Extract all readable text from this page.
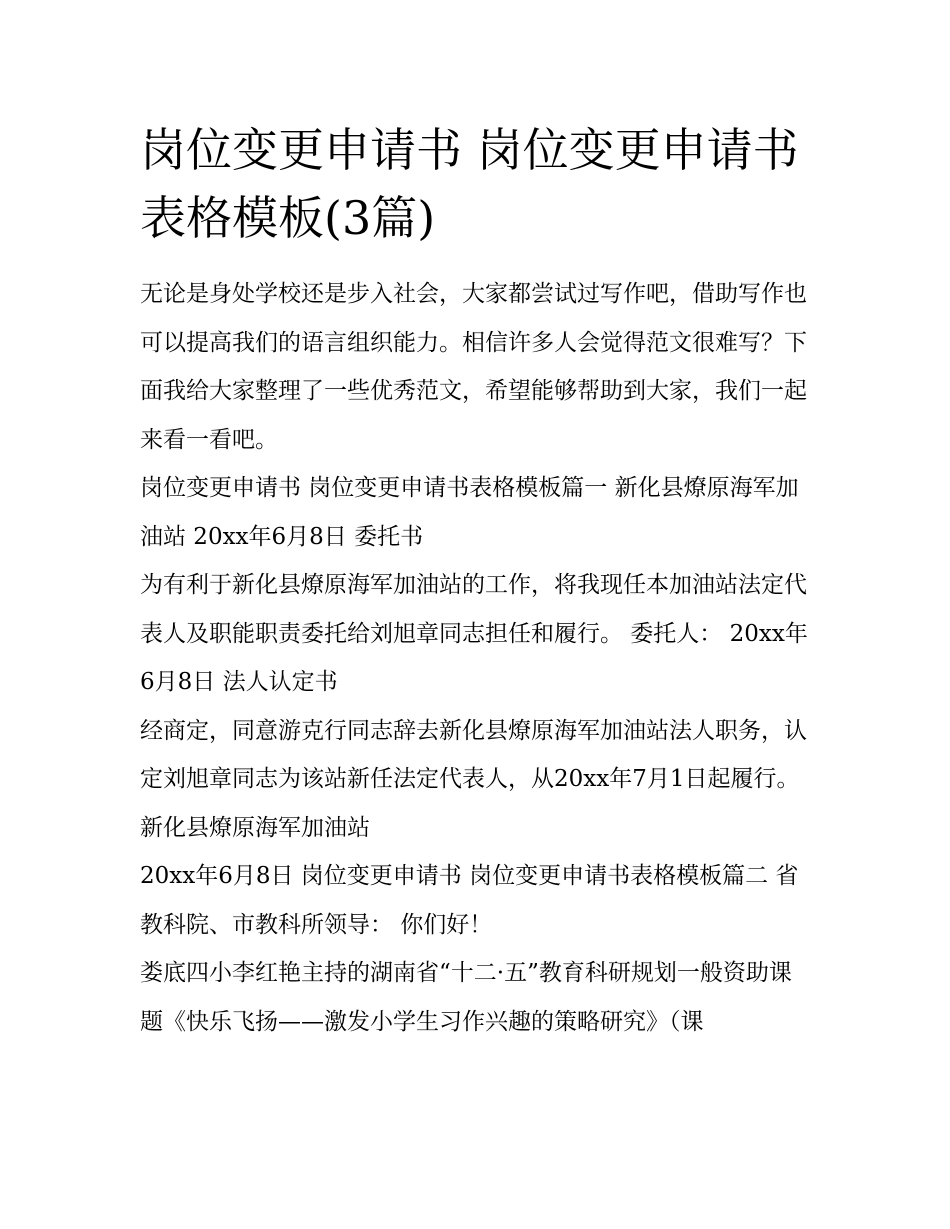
岗位变更申请书 岗位变更申请书表格模板(3篇)

无论是身处学校还是步入社会，大家都尝试过写作吧，借助写作也可以提高我们的语言组织能力。相信许多人会觉得范文很难写？下面我给大家整理了一些优秀范文，希望能够帮助到大家，我们一起来看一看吧。

岗位变更申请书 岗位变更申请书表格模板篇一 新化县燎原海军加油站 20xx年6月8日 委托书

为有利于新化县燎原海军加油站的工作，将我现任本加油站法定代表人及职能职责委托给刘旭章同志担任和履行。 委托人： 20xx年6月8日 法人认定书

经商定，同意游克行同志辞去新化县燎原海军加油站法人职务，认定刘旭章同志为该站新任法定代表人，从20xx年7月1日起履行。 新化县燎原海军加油站

20xx年6月8日 岗位变更申请书 岗位变更申请书表格模板篇二 省教科院、市教科所领导： 你们好！

娄底四小李红艳主持的湖南省“十二·五”教育科研规划一般资助课题《快乐飞扬——激发小学生习作兴趣的策略研究》（课
